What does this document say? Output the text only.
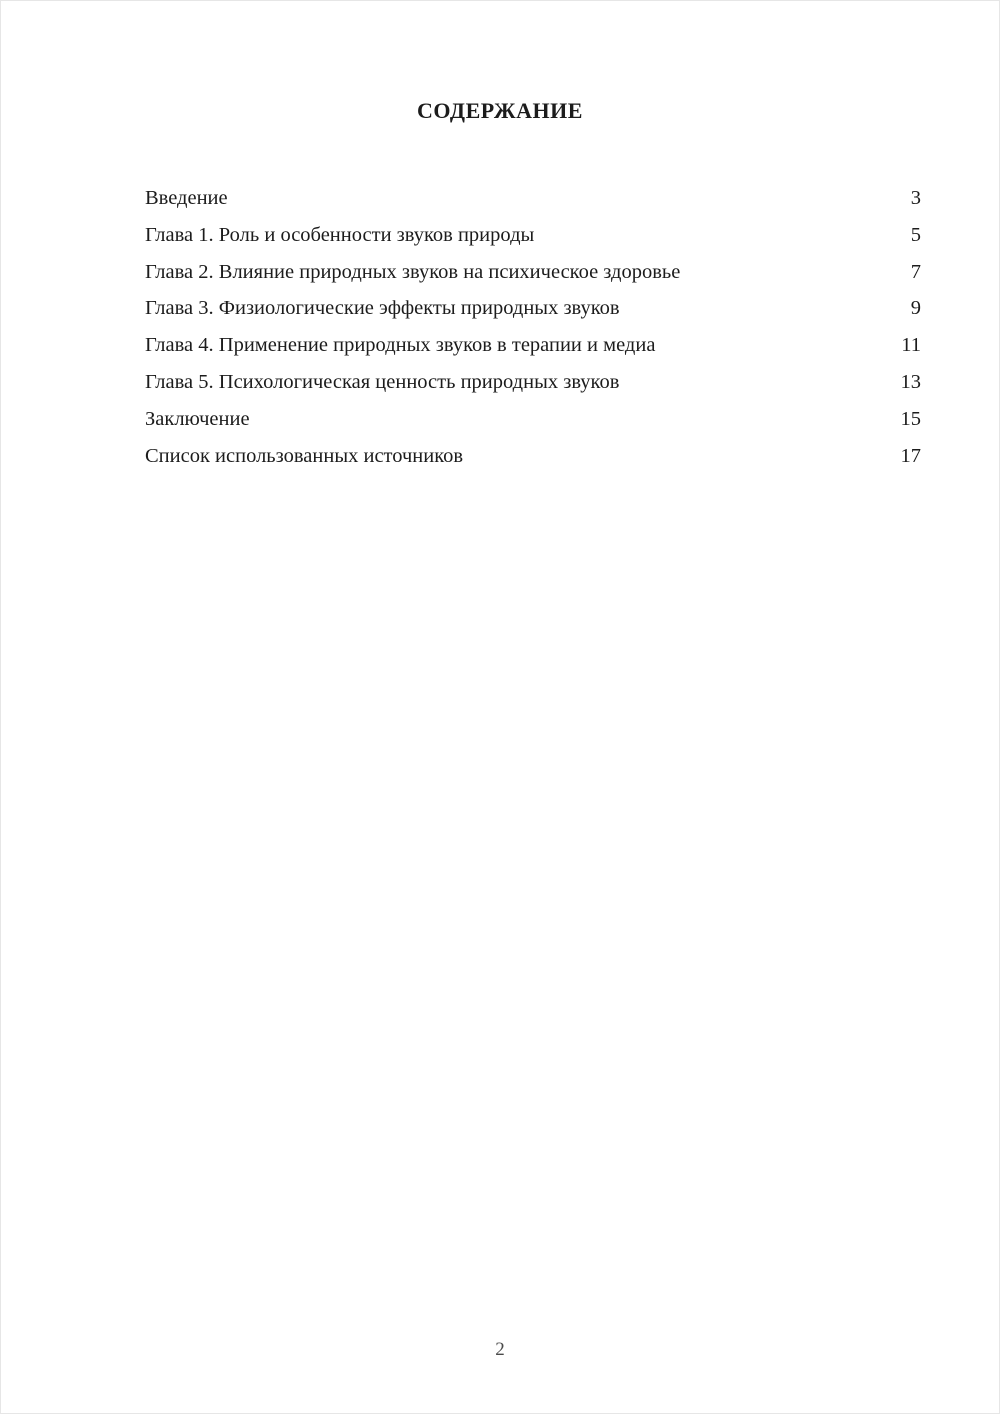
СОДЕРЖАНИЕ
Введение	3
Глава 1. Роль и особенности звуков природы	5
Глава 2. Влияние природных звуков на психическое здоровье	7
Глава 3. Физиологические эффекты природных звуков	9
Глава 4. Применение природных звуков в терапии и медиа	11
Глава 5. Психологическая ценность природных звуков	13
Заключение	15
Список использованных источников	17
2
